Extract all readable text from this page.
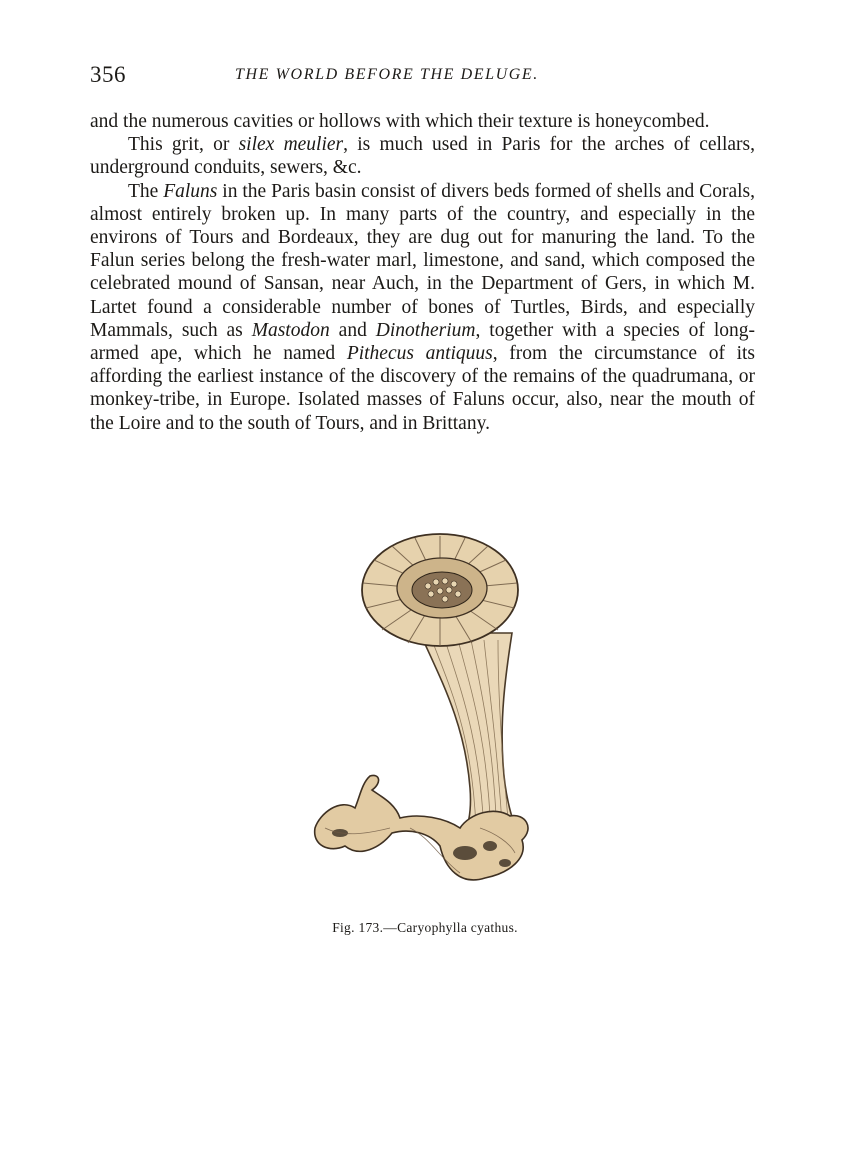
356	THE WORLD BEFORE THE DELUGE.

and the numerous cavities or hollows with which their texture is honeycombed.

This grit, or silex meulier, is much used in Paris for the arches of cellars, underground conduits, sewers, &c.

The Faluns in the Paris basin consist of divers beds formed of shells and Corals, almost entirely broken up. In many parts of the country, and especially in the environs of Tours and Bordeaux, they are dug out for manuring the land. To the Falun series belong the fresh-water marl, limestone, and sand, which composed the celebrated mound of Sansan, near Auch, in the Department of Gers, in which M. Lartet found a considerable number of bones of Turtles, Birds, and especially Mammals, such as Mastodon and Dinotherium, together with a species of long-armed ape, which he named Pithecus antiquus, from the circumstance of its affording the earliest instance of the discovery of the remains of the quadrumana, or monkey-tribe, in Europe. Isolated masses of Faluns occur, also, near the mouth of the Loire and to the south of Tours, and in Brittany.

Fig. 173.—Caryophylla cyathus.
